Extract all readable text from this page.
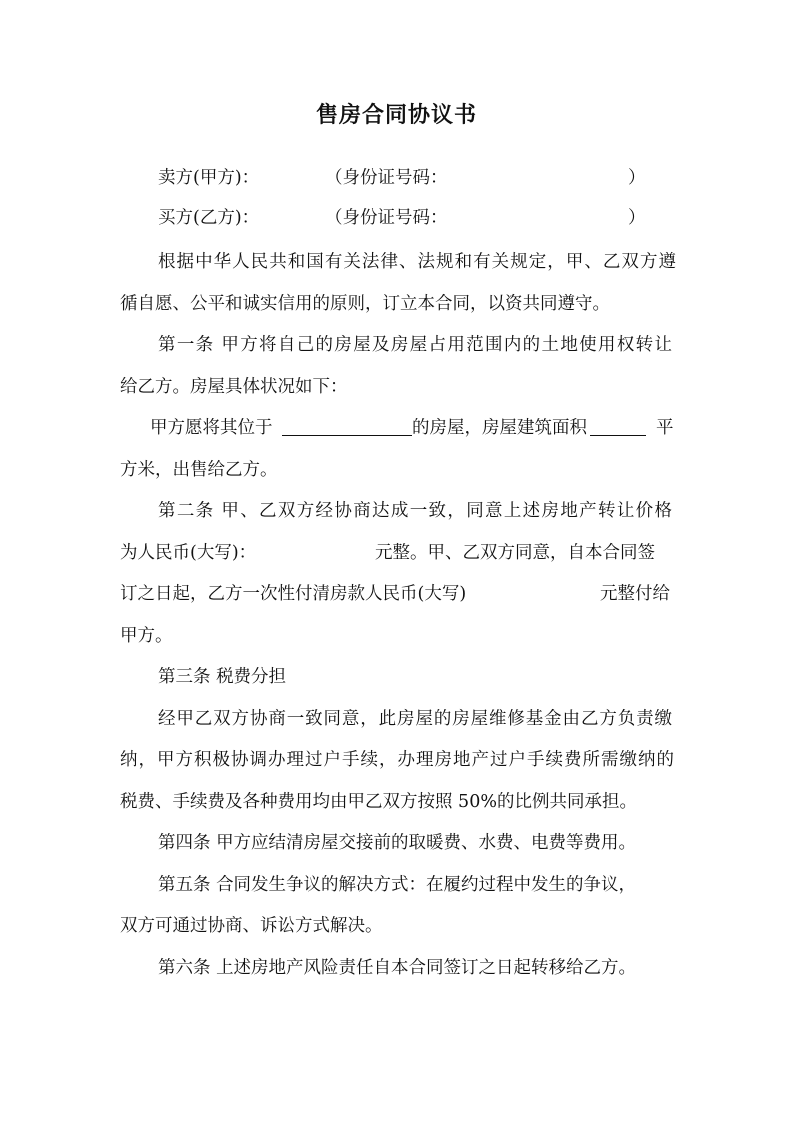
售房合同协议书
卖方(甲方)：	（身份证号码：	）
买方(乙方)：	（身份证号码：	）
根据中华人民共和国有关法律、法规和有关规定，甲、乙双方遵
循自愿、公平和诚实信用的原则，订立本合同，以资共同遵守。
第一条 甲方将自己的房屋及房屋占用范围内的土地使用权转让
给乙方。房屋具体状况如下：
甲方愿将其位于	的房屋，房屋建筑面积	平
方米，出售给乙方。
第二条 甲、乙双方经协商达成一致，同意上述房地产转让价格
为人民币(大写)：	元整。甲、乙双方同意，自本合同签
订之日起，乙方一次性付清房款人民币(大写)	元整付给
甲方。
第三条 税费分担
经甲乙双方协商一致同意，此房屋的房屋维修基金由乙方负责缴
纳，甲方积极协调办理过户手续，办理房地产过户手续费所需缴纳的
税费、手续费及各种费用均由甲乙双方按照 50%的比例共同承担。
第四条 甲方应结清房屋交接前的取暖费、水费、电费等费用。
第五条 合同发生争议的解决方式：在履约过程中发生的争议，
双方可通过协商、诉讼方式解决。
第六条 上述房地产风险责任自本合同签订之日起转移给乙方。
